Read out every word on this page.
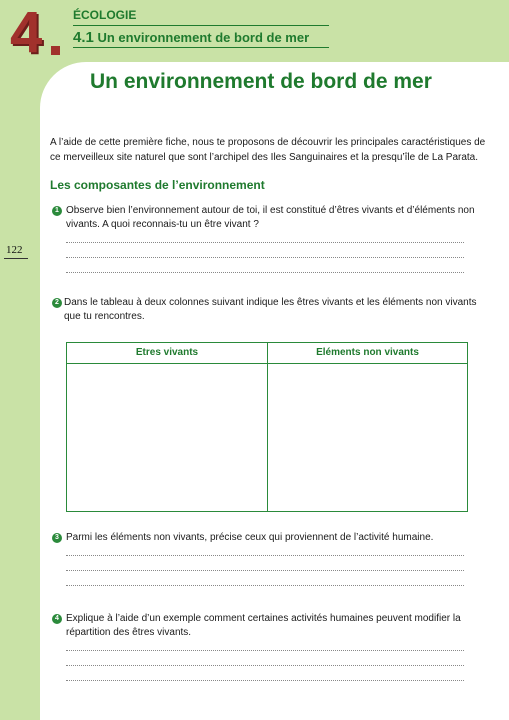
4	ÉCOLOGIE
4.1 Un environnement de bord de mer
122
Un environnement de bord de mer
A l’aide de cette première fiche, nous te proposons de découvrir les principales caractéristiques de ce merveilleux site naturel que sont l’archipel des Iles Sanguinaires et la presqu’île de La Parata.
Les composantes de l’environnement
1 Observe bien l’environnement autour de toi, il est constitué d’êtres vivants et d’éléments non vivants. A quoi reconnais-tu un être vivant ?
2 Dans le tableau à deux colonnes suivant indique les êtres vivants et les éléments non vivants que tu rencontres.
Etres vivants	Eléments non vivants
3 Parmi les éléments non vivants, précise ceux qui proviennent de l’activité humaine.
4 Explique à l’aide d’un exemple comment certaines activités humaines peuvent modifier la répartition des êtres vivants.
